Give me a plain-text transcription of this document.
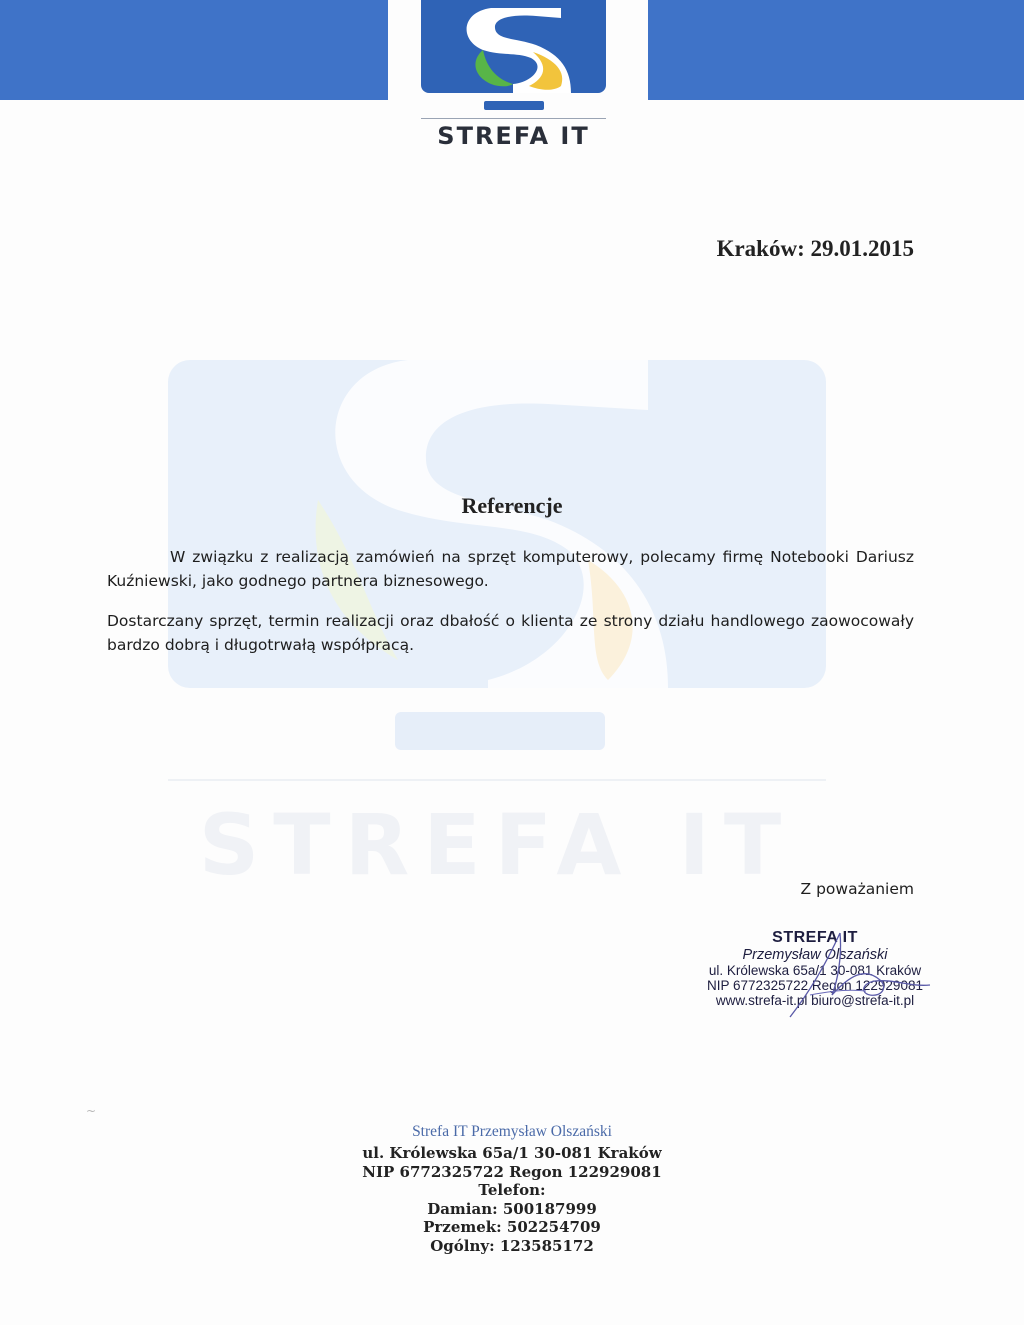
STREFA IT
STREFA IT
Kraków: 29.01.2015
Referencje

W związku z realizacją zamówień na sprzęt komputerowy, polecamy firmę Notebooki Dariusz Kuźniewski, jako godnego partnera biznesowego.

Dostarczany sprzęt, termin realizacji oraz dbałość o klienta ze strony działu handlowego zaowocowały bardzo dobrą i długotrwałą współpracą.

Z poważaniem
STREFA IT
Przemysław Olszański
ul. Królewska 65a/1 30-081 Kraków
NIP 6772325722 Regon 122929081
www.strefa-it.pl biuro@strefa-it.pl
~
Strefa IT Przemysław Olszański
ul. Królewska 65a/1 30-081 Kraków
NIP 6772325722 Regon 122929081
Telefon:
Damian: 500187999
Przemek: 502254709
Ogólny: 123585172
